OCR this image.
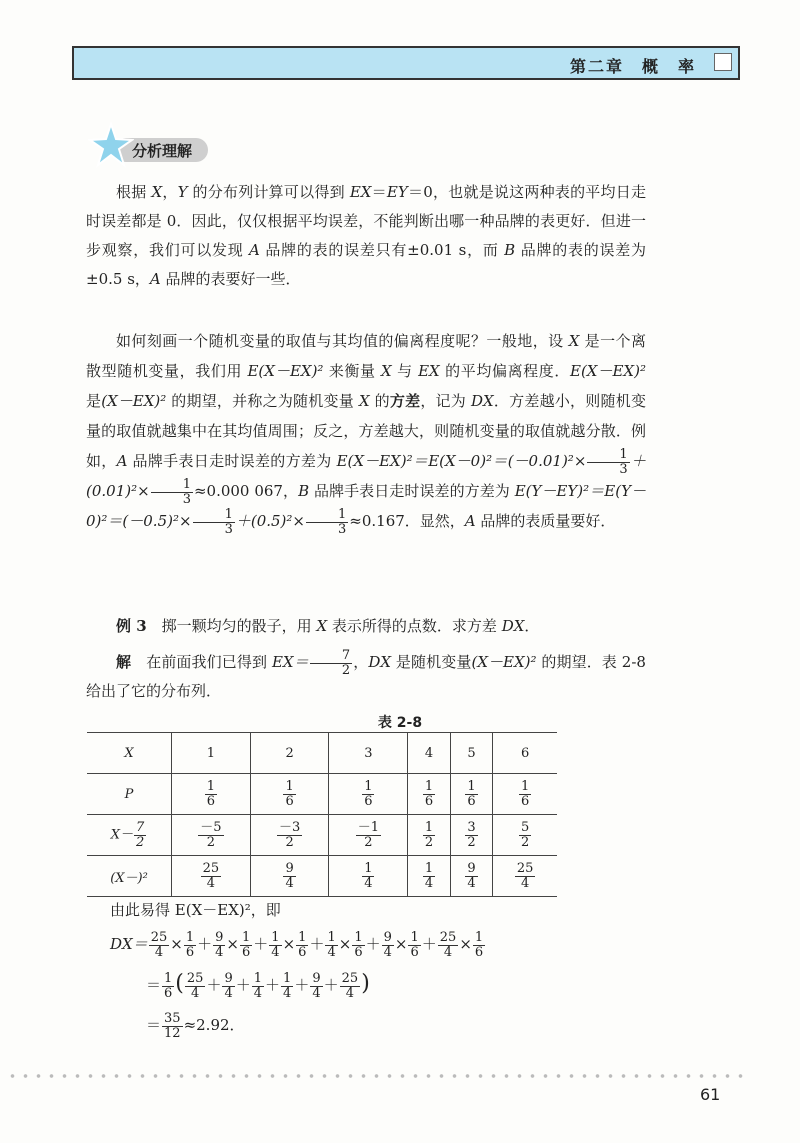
第二章　概　率
分析理解

根据 X，Y 的分布列计算可以得到 EX＝EY＝0，也就是说这两种表的平均日走时误差都是 0．因此，仅仅根据平均误差，不能判断出哪一种品牌的表更好．但进一步观察，我们可以发现 A 品牌的表的误差只有±0.01 s，而 B 品牌的表的误差为±0.5 s，A 品牌的表要好一些．

如何刻画一个随机变量的取值与其均值的偏离程度呢？一般地，设 X 是一个离散型随机变量，我们用 E(X－EX)² 来衡量 X 与 EX 的平均偏离程度．E(X－EX)² 是(X－EX)² 的期望，并称之为随机变量 X 的方差，记为 DX．方差越小，则随机变量的取值就越集中在其均值周围；反之，方差越大，则随机变量的取值就越分散．例如，A 品牌手表日走时误差的方差为 $E(X-EX)^2=E(X-0)^2=(-0.01)^2\times \frac{1}{3} +(0.01)^2\times \frac{1}{3} \approx 0.000$ 067，B 品牌手表日走时误差的方差为 $E(Y-EY)^2=E(Y-0)^2=(-0.5)^2\times \frac{1}{3} +(0.5)^2\times \frac{1}{3} \approx 0.167$．显然，A 品牌的表质量要好．

例 3　掷一颗均匀的骰子，用 X 表示所得的点数．求方差 DX．

解　在前面我们已得到 $EX= \frac{7}{2}$ ，DX 是随机变量(X－EX)² 的期望．表 2-8 给出了它的分布列．

表 2-8
X	1	2	3	4	5	6
P	$\frac{1}{6}$	$\frac{1}{6}$	$\frac{1}{6}$	$\frac{1}{6}$	$\frac{1}{6}$	$\frac{1}{6}$

$X- \frac{7}{2}$	$\frac{-5}{2}$	$\frac{-3}{2}$	$\frac{-1}{2}$	$\frac{1}{2}$	$\frac{3}{2}$	$\frac{5}{2}$

(X－)²	$\frac{25}{4}$	$\frac{9}{4}$	$\frac{1}{4}$	$\frac{1}{4}$	$\frac{9}{4}$	$\frac{25}{4}$
由此易得 E(X－EX)²，即
$DX= \frac{25}{4} \times \frac{1}{6} + \frac{9}{4} \times \frac{1}{6} + \frac{1}{4} \times \frac{1}{6} + \frac{1}{4} \times \frac{1}{6} + \frac{9}{4} \times \frac{1}{6} + \frac{25}{4} \times \frac{1}{6}$
＝ $\frac{1}{6}$ ( $\frac{25}{4} + \frac{9}{4} + \frac{1}{4} + \frac{1}{4} + \frac{9}{4} + \frac{25}{4}$ )
＝ $\frac{35}{12} \approx 2.92$．
61
